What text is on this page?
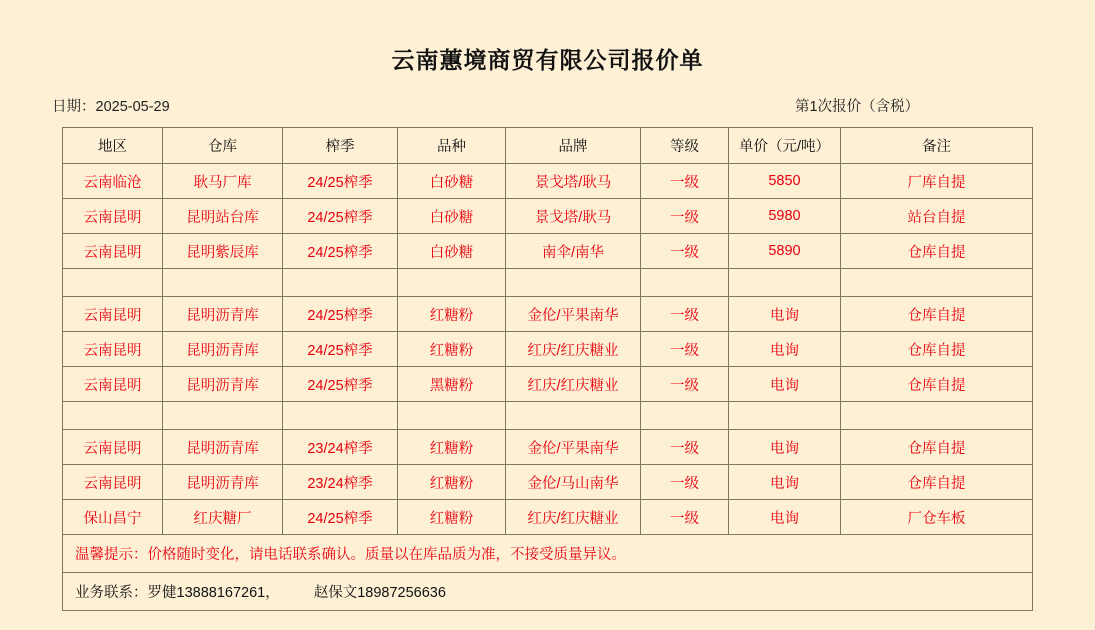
云南蕙境商贸有限公司报价单
日期：2025-05-29	第1次报价（含税）
地区	仓库	榨季	品种	品牌	等级	单价（元/吨）	备注
云南临沧	耿马厂库	24/25榨季	白砂糖	景戈塔/耿马	一级	5850	厂库自提
云南昆明	昆明站台库	24/25榨季	白砂糖	景戈塔/耿马	一级	5980	站台自提
云南昆明	昆明紫辰库	24/25榨季	白砂糖	南伞/南华	一级	5890	仓库自提

云南昆明	昆明沥青库	24/25榨季	红糖粉	金伦/平果南华	一级	电询	仓库自提
云南昆明	昆明沥青库	24/25榨季	红糖粉	红庆/红庆糖业	一级	电询	仓库自提
云南昆明	昆明沥青库	24/25榨季	黑糖粉	红庆/红庆糖业	一级	电询	仓库自提

云南昆明	昆明沥青库	23/24榨季	红糖粉	金伦/平果南华	一级	电询	仓库自提
云南昆明	昆明沥青库	23/24榨季	红糖粉	金伦/马山南华	一级	电询	仓库自提
保山昌宁	红庆糖厂	24/25榨季	红糖粉	红庆/红庆糖业	一级	电询	厂仓车板
温馨提示：价格随时变化，请电话联系确认。质量以在库品质为准，不接受质量异议。							
业务联系：罗健13888167261， 赵保文18987256636							
